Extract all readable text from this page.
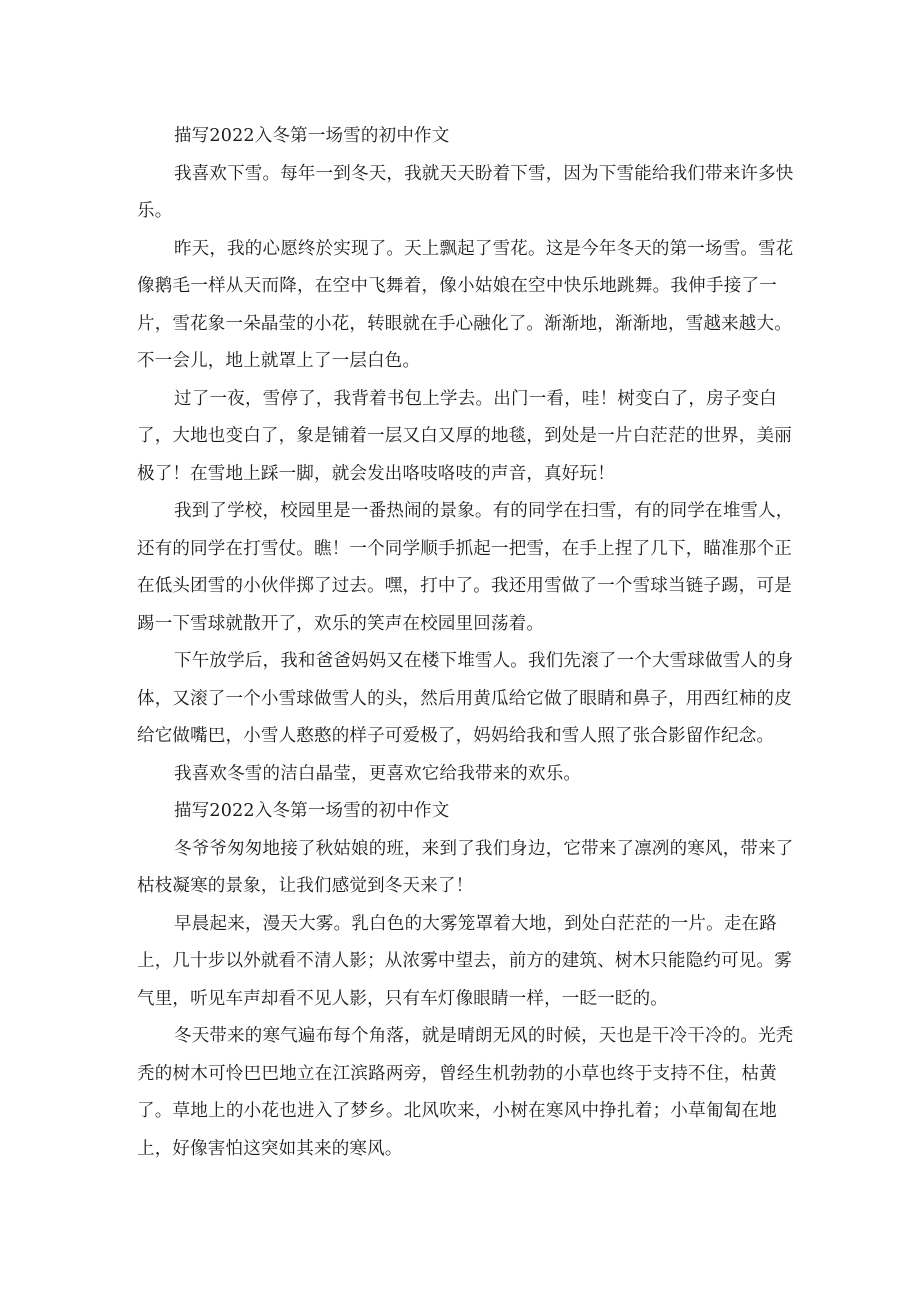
描写2022入冬第一场雪的初中作文
我喜欢下雪。每年一到冬天，我就天天盼着下雪，因为下雪能给我们带来许多快
乐。
昨天，我的心愿终於实现了。天上飘起了雪花。这是今年冬天的第一场雪。雪花
像鹅毛一样从天而降，在空中飞舞着，像小姑娘在空中快乐地跳舞。我伸手接了一
片，雪花象一朵晶莹的小花，转眼就在手心融化了。渐渐地，渐渐地，雪越来越大。
不一会儿，地上就罩上了一层白色。
过了一夜，雪停了，我背着书包上学去。出门一看，哇！树变白了，房子变白
了，大地也变白了，象是铺着一层又白又厚的地毯，到处是一片白茫茫的世界，美丽
极了！在雪地上踩一脚，就会发出咯吱咯吱的声音，真好玩！
我到了学校，校园里是一番热闹的景象。有的同学在扫雪，有的同学在堆雪人，
还有的同学在打雪仗。瞧！一个同学顺手抓起一把雪，在手上捏了几下，瞄准那个正
在低头团雪的小伙伴掷了过去。嘿，打中了。我还用雪做了一个雪球当链子踢，可是
踢一下雪球就散开了，欢乐的笑声在校园里回荡着。
下午放学后，我和爸爸妈妈又在楼下堆雪人。我们先滚了一个大雪球做雪人的身
体，又滚了一个小雪球做雪人的头，然后用黄瓜给它做了眼睛和鼻子，用西红柿的皮
给它做嘴巴，小雪人憨憨的样子可爱极了，妈妈给我和雪人照了张合影留作纪念。
我喜欢冬雪的洁白晶莹，更喜欢它给我带来的欢乐。
描写2022入冬第一场雪的初中作文
冬爷爷匆匆地接了秋姑娘的班，来到了我们身边，它带来了凛冽的寒风，带来了
枯枝凝寒的景象，让我们感觉到冬天来了！
早晨起来，漫天大雾。乳白色的大雾笼罩着大地，到处白茫茫的一片。走在路
上，几十步以外就看不清人影；从浓雾中望去，前方的建筑、树木只能隐约可见。雾
气里，听见车声却看不见人影，只有车灯像眼睛一样，一眨一眨的。
冬天带来的寒气遍布每个角落，就是晴朗无风的时候，天也是干冷干冷的。光秃
秃的树木可怜巴巴地立在江滨路两旁，曾经生机勃勃的小草也终于支持不住，枯黄
了。草地上的小花也进入了梦乡。北风吹来，小树在寒风中挣扎着；小草匍匐在地
上，好像害怕这突如其来的寒风。
